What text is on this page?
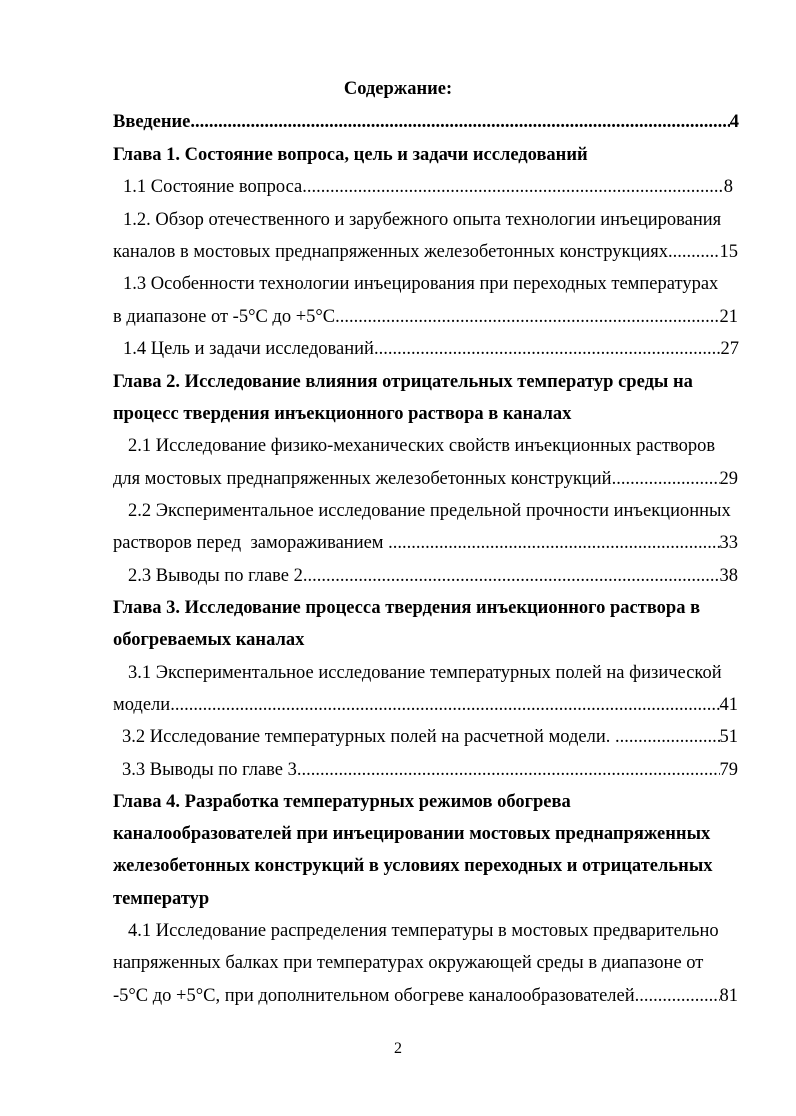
Содержание:
Введение .....	4
Глава 1. Состояние вопроса, цель и задачи исследований
1.1 Состояние вопроса .....	8
1.2. Обзор отечественного и зарубежного опыта технологии инъецирования
каналов в мостовых преднапряженных железобетонных конструкциях .....	15
1.3 Особенности технологии инъецирования при переходных температурах
в диапазоне от -5°С до +5°С.. .....	21
1.4 Цель и задачи исследований .....	27
Глава 2. Исследование влияния отрицательных температур среды на
процесс твердения инъекционного раствора в каналах
2.1 Исследование физико-механических свойств инъекционных растворов
для мостовых преднапряженных железобетонных конструкций .....	29
2.2 Экспериментальное исследование предельной прочности инъекционных
растворов перед  замораживанием .....	33
2.3 Выводы по главе 2 .....	38
Глава 3. Исследование процесса твердения инъекционного раствора в
обогреваемых каналах
3.1 Экспериментальное исследование температурных полей на физической
модели .....	41
3.2 Исследование температурных полей на расчетной модели. .....	51
3.3 Выводы по главе 3 .....	79
Глава 4. Разработка температурных режимов обогрева
каналообразователей при инъецировании мостовых преднапряженных
железобетонных конструкций в условиях переходных и отрицательных
температур
4.1 Исследование распределения температуры в мостовых предварительно
напряженных балках при температурах окружающей среды в диапазоне от
-5°С до +5°С, при дополнительном обогреве каналообразователей .....	81
2
